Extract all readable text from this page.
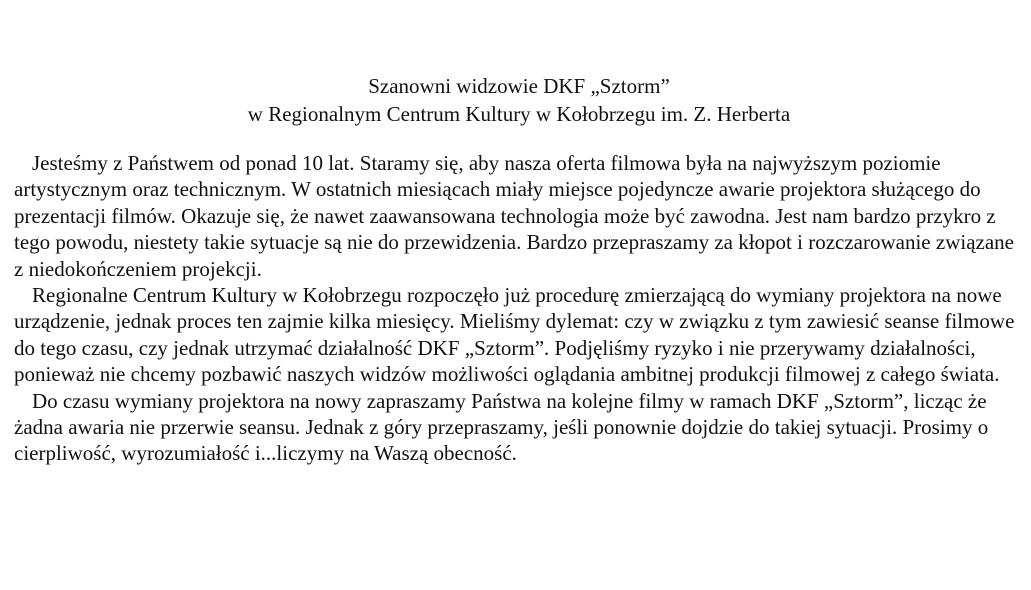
Szanowni widzowie DKF „Sztorm”
w Regionalnym Centrum Kultury w Kołobrzegu im. Z. Herberta

Jesteśmy z Państwem od ponad 10 lat. Staramy się, aby nasza oferta filmowa była na najwyższym poziomie artystycznym oraz technicznym. W ostatnich miesiącach miały miejsce pojedyncze awarie projektora służącego do prezentacji filmów. Okazuje się, że nawet zaawansowana technologia może być zawodna. Jest nam bardzo przykro z tego powodu, niestety takie sytuacje są nie do przewidzenia. Bardzo przepraszamy za kłopot i rozczarowanie związane z niedokończeniem projekcji.

Regionalne Centrum Kultury w Kołobrzegu rozpoczęło już procedurę zmierzającą do wymiany projektora na nowe urządzenie, jednak proces ten zajmie kilka miesięcy. Mieliśmy dylemat: czy w związku z tym zawiesić seanse filmowe do tego czasu, czy jednak utrzymać działalność DKF „Sztorm”. Podjęliśmy ryzyko i nie przerywamy działalności, ponieważ nie chcemy pozbawić naszych widzów możliwości oglądania ambitnej produkcji filmowej z całego świata.

Do czasu wymiany projektora na nowy zapraszamy Państwa na kolejne filmy w ramach DKF „Sztorm”, licząc że żadna awaria nie przerwie seansu. Jednak z góry przepraszamy, jeśli ponownie dojdzie do takiej sytuacji. Prosimy o cierpliwość, wyrozumiałość i...liczymy na Waszą obecność.
